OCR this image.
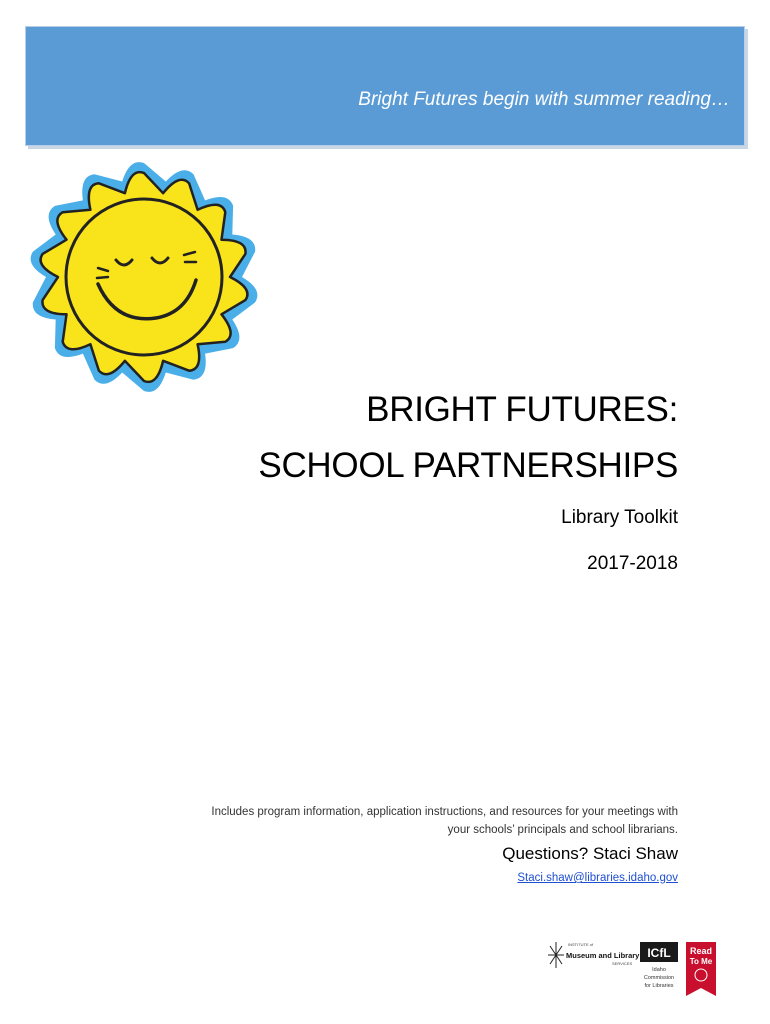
Bright Futures begin with summer reading…
BRIGHT FUTURES:
SCHOOL PARTNERSHIPS
Library Toolkit
2017-2018
Includes program information, application instructions, and resources for your meetings with
your schools’ principals and school librarians.
Questions? Staci Shaw
Staci.shaw@libraries.idaho.gov
INSTITUTE of
Museum and Library
SERVICES
ICfL
Idaho
Commission
for Libraries
Read
To Me
